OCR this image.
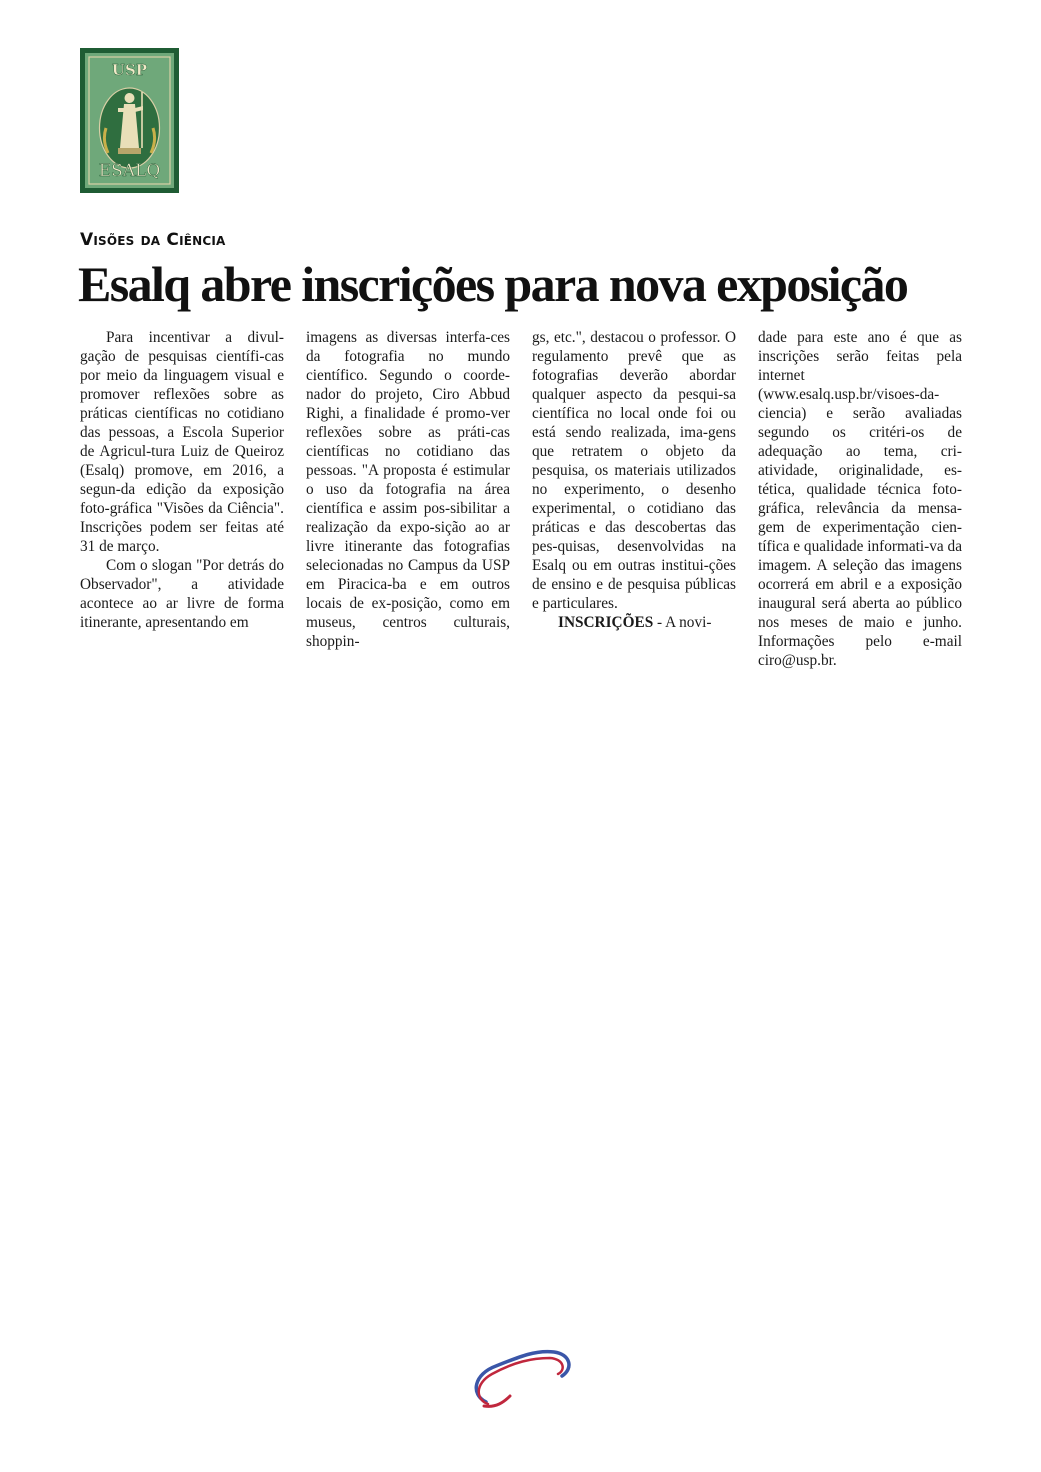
USP
ESALQ
Visões da Ciência
Esalq abre inscrições para nova exposição

Para incentivar a divul-gação de pesquisas científi-cas por meio da linguagem visual e promover reflexões sobre as práticas científicas no cotidiano das pessoas, a Escola Superior de Agricul-tura Luiz de Queiroz (Esalq) promove, em 2016, a segun-da edição da exposição foto-gráfica "Visões da Ciência". Inscrições podem ser feitas até 31 de março.

Com o slogan "Por detrás do Observador", a atividade acontece ao ar livre de forma itinerante, apresentando em

imagens as diversas interfa-ces da fotografia no mundo científico. Segundo o coorde-nador do projeto, Ciro Abbud Righi, a finalidade é promo-ver reflexões sobre as práti-cas científicas no cotidiano das pessoas. "A proposta é estimular o uso da fotografia na área científica e assim pos-sibilitar a realização da expo-sição ao ar livre itinerante das fotografias selecionadas no Campus da USP em Piracica-ba e em outros locais de ex-posição, como em museus, centros culturais, shoppin-

gs, etc.", destacou o professor. O regulamento prevê que as fotografias deverão abordar qualquer aspecto da pesqui-sa científica no local onde foi ou está sendo realizada, ima-gens que retratem o objeto da pesquisa, os materiais utilizados no experimento, o desenho experimental, o cotidiano das práticas e das descobertas das pes-quisas, desenvolvidas na Esalq ou em outras institui-ções de ensino e de pesquisa públicas e particulares.

INSCRIÇÕES - A novi-

dade para este ano é que as inscrições serão feitas pela internet (www.esalq.usp.br/visoes-da-ciencia) e serão avaliadas segundo os critéri-os de adequação ao tema, cri-atividade, originalidade, es-tética, qualidade técnica foto-gráfica, relevância da mensa-gem de experimentação cien-tífica e qualidade informati-va da imagem. A seleção das imagens ocorrerá em abril e a exposição inaugural será aberta ao público nos meses de maio e junho. Informações pelo e-mail ciro@usp.br.
